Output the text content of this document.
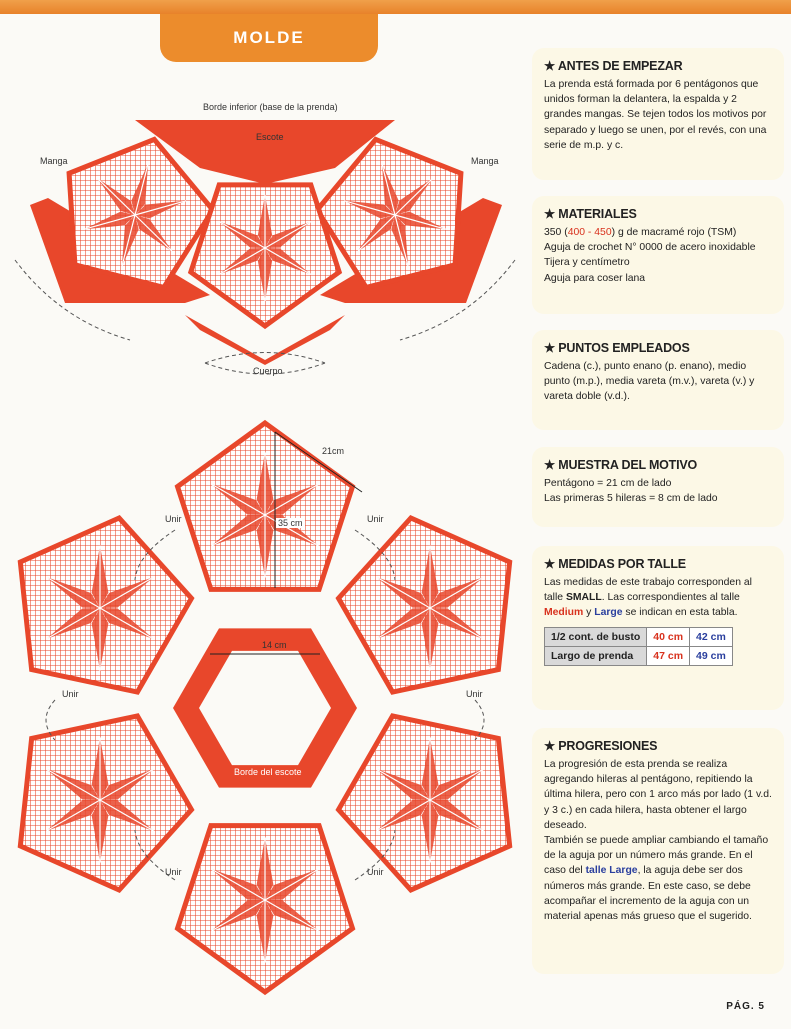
MOLDE
Borde inferior (base de la prenda)
Escote
Manga	Manga
Cuerpo
21cm
35 cm
14 cm
Borde del escote
Unir	Unir
Unir	Unir
Unir	Unir
★ ANTES DE EMPEZAR

La prenda está formada por 6 pentágonos que unidos forman la delantera, la espalda y 2 grandes mangas. Se tejen todos los motivos por separado y luego se unen, por el revés, con una serie de m.p. y c.

★ MATERIALES

350 (400 - 450) g de macramé rojo (TSM)

Aguja de crochet N° 0000 de acero inoxidable

Tijera y centímetro

Aguja para coser lana

★ PUNTOS EMPLEADOS

Cadena (c.), punto enano (p. enano), medio punto (m.p.), media vareta (m.v.), vareta (v.) y vareta doble (v.d.).

★ MUESTRA DEL MOTIVO

Pentágono = 21 cm de lado

Las primeras 5 hileras = 8 cm de lado

★ MEDIDAS POR TALLE

Las medidas de este trabajo corresponden al talle SMALL. Las correspondientes al talle Medium y Large se indican en esta tabla.

1/2 cont. de busto	40 cm	42 cm
Largo de prenda	47 cm	49 cm
★ PROGRESIONES

La progresión de esta prenda se realiza agregando hileras al pentágono, repitiendo la última hilera, pero con 1 arco más por lado (1 v.d. y 3 c.) en cada hilera, hasta obtener el largo deseado.

También se puede ampliar cambiando el tamaño de la aguja por un número más grande. En el caso del talle Large, la aguja debe ser dos números más grande. En este caso, se debe acompañar el incremento de la aguja con un material apenas más grueso que el sugerido.

PÁG. 5
